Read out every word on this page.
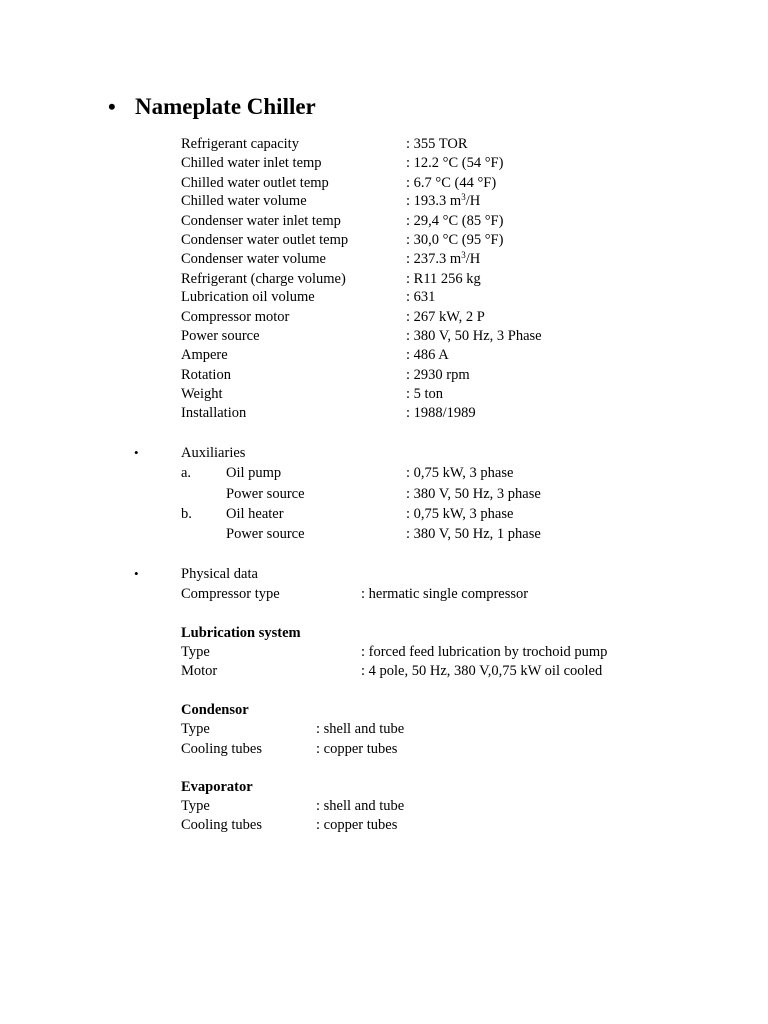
• Nameplate Chiller
Refrigerant capacity	: 355 TOR
Chilled water inlet temp	: 12.2 °C (54 °F)
Chilled water outlet temp	: 6.7 °C (44 °F)
Chilled water volume	: 193.3 $m^3/H$
Condenser water inlet temp	: 29,4 °C (85 °F)
Condenser water outlet temp	: 30,0 °C (95 °F)
Condenser water volume	: 237.3 $m^3/H$
Refrigerant (charge volume)	: R11 256 kg
Lubrication oil volume	: 631
Compressor motor	: 267 kW, 2 P
Power source	: 380 V, 50 Hz, 3 Phase
Ampere	: 486 A
Rotation	: 2930 rpm
Weight	: 5 ton
Installation	: 1988/1989
•	Auxiliaries
a. Oil pump	: 0,75 kW, 3 phase
Power source	: 380 V, 50 Hz, 3 phase
b. Oil heater	: 0,75 kW, 3 phase
Power source	: 380 V, 50 Hz, 1 phase
•	Physical data
Compressor type	: hermatic single compressor
Lubrication system
Type	: forced feed lubrication by trochoid pump
Motor	: 4 pole, 50 Hz, 380 V,0,75 kW oil cooled
Condensor
Type	: shell and tube
Cooling tubes	: copper tubes
Evaporator
Type	: shell and tube
Cooling tubes	: copper tubes
